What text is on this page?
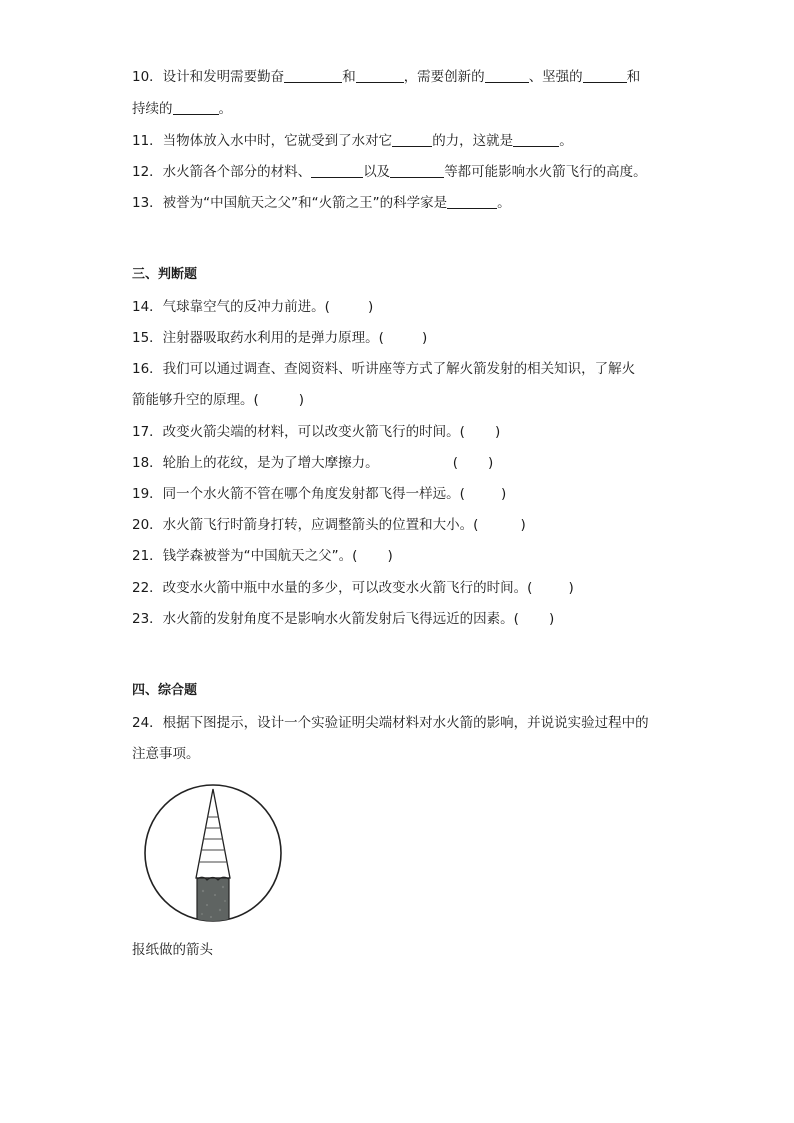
10．设计和发明需要勤奋	和	，需要创新的	、坚强的	和
持续的	。
11．当物体放入水中时，它就受到了水对它	的力，这就是	。
12．水火箭各个部分的材料、	以及	等都可能影响水火箭飞行的高度。
13．被誉为“中国航天之父”和“火箭之王”的科学家是	。
三、判断题
14．气球靠空气的反冲力前进。(	)
15．注射器吸取药水利用的是弹力原理。(	)
16．我们可以通过调查、查阅资料、听讲座等方式了解火箭发射的相关知识，了解火
箭能够升空的原理。(	)
17．改变火箭尖端的材料，可以改变火箭飞行的时间。( )
18．轮胎上的花纹，是为了增大摩擦力。	( )
19．同一个水火箭不管在哪个角度发射都飞得一样远。(	)
20．水火箭飞行时箭身打转，应调整箭头的位置和大小。(	)
21．钱学森被誉为“中国航天之父”。( )
22．改变水火箭中瓶中水量的多少，可以改变水火箭飞行的时间。(	)
23．水火箭的发射角度不是影响水火箭发射后飞得远近的因素。( )
四、综合题
24．根据下图提示，设计一个实验证明尖端材料对水火箭的影响，并说说实验过程中的
注意事项。
报纸做的箭头
